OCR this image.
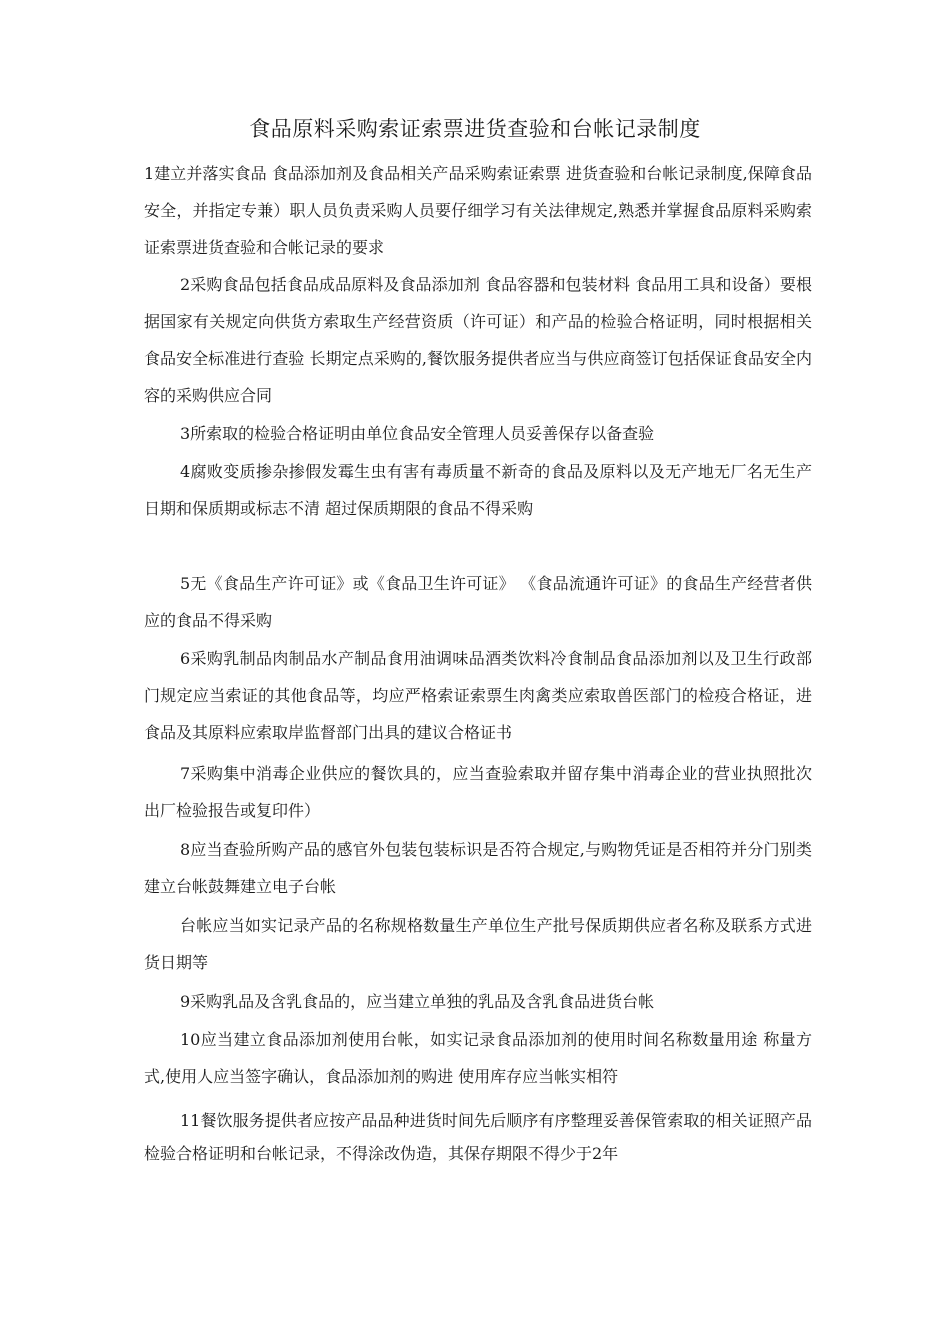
食品原料采购索证索票进货查验和台帐记录制度
1建立并落实食品 食品添加剂及食品相关产品采购索证索票 进货查验和台帐记录制度,保障食品安全，并指定专兼）职人员负责采购人员要仔细学习有关法律规定,熟悉并掌握食品原料采购索证索票进货查验和合帐记录的要求
2采购食品包括食品成品原料及食品添加剂 食品容器和包装材料 食品用工具和设备）要根据国家有关规定向供货方索取生产经营资质（许可证）和产品的检验合格证明，同时根据相关食品安全标准进行查验 长期定点采购的,餐饮服务提供者应当与供应商签订包括保证食品安全内容的采购供应合同
3所索取的检验合格证明由单位食品安全管理人员妥善保存以备查验
4腐败变质掺杂掺假发霉生虫有害有毒质量不新奇的食品及原料以及无产地无厂名无生产日期和保质期或标志不清 超过保质期限的食品不得采购
5无《食品生产许可证》或《食品卫生许可证》 《食品流通许可证》的食品生产经营者供应的食品不得采购
6采购乳制品肉制品水产制品食用油调味品酒类饮料冷食制品食品添加剂以及卫生行政部门规定应当索证的其他食品等，均应严格索证索票生肉禽类应索取兽医部门的检疫合格证，进食品及其原料应索取岸监督部门出具的建议合格证书
7采购集中消毒企业供应的餐饮具的，应当查验索取并留存集中消毒企业的营业执照批次出厂检验报告或复印件）
8应当查验所购产品的感官外包装包装标识是否符合规定,与购物凭证是否相符并分门别类建立台帐鼓舞建立电子台帐
台帐应当如实记录产品的名称规格数量生产单位生产批号保质期供应者名称及联系方式进货日期等
9采购乳品及含乳食品的，应当建立单独的乳品及含乳食品进货台帐
10应当建立食品添加剂使用台帐，如实记录食品添加剂的使用时间名称数量用途 称量方式,使用人应当签字确认，食品添加剂的购进 使用库存应当帐实相符
11餐饮服务提供者应按产品品种进货时间先后顺序有序整理妥善保管索取的相关证照产品检验合格证明和台帐记录，不得涂改伪造，其保存期限不得少于2年
